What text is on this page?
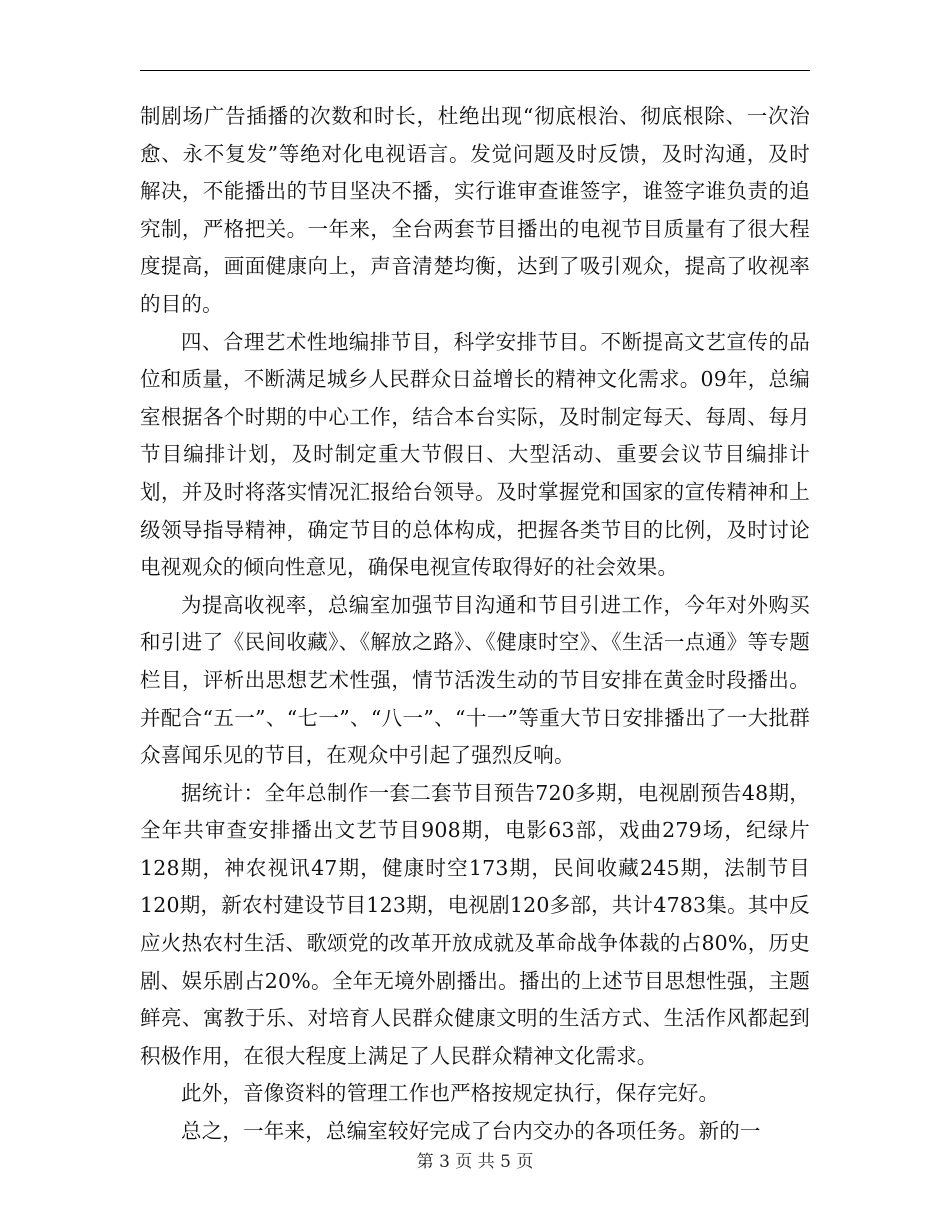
制剧场广告插播的次数和时长，杜绝出现“彻底根治、彻底根除、一次治愈、永不复发”等绝对化电视语言。发觉问题及时反馈，及时沟通，及时解决，不能播出的节目坚决不播，实行谁审查谁签字，谁签字谁负责的追究制，严格把关。一年来，全台两套节目播出的电视节目质量有了很大程度提高，画面健康向上，声音清楚均衡，达到了吸引观众，提高了收视率的目的。

四、合理艺术性地编排节目，科学安排节目。不断提高文艺宣传的品位和质量，不断满足城乡人民群众日益增长的精神文化需求。09年，总编室根据各个时期的中心工作，结合本台实际，及时制定每天、每周、每月节目编排计划，及时制定重大节假日、大型活动、重要会议节目编排计划，并及时将落实情况汇报给台领导。及时掌握党和国家的宣传精神和上级领导指导精神，确定节目的总体构成，把握各类节目的比例，及时讨论电视观众的倾向性意见，确保电视宣传取得好的社会效果。

为提高收视率，总编室加强节目沟通和节目引进工作，今年对外购买和引进了《民间收藏》、《解放之路》、《健康时空》、《生活一点通》等专题栏目，评析出思想艺术性强，情节活泼生动的节目安排在黄金时段播出。并配合“五一”、“七一”、“八一”、“十一”等重大节日安排播出了一大批群众喜闻乐见的节目，在观众中引起了强烈反响。

据统计：全年总制作一套二套节目预告720多期，电视剧预告48期，全年共审查安排播出文艺节目908期，电影63部，戏曲279场，纪绿片128期，神农视讯47期，健康时空173期，民间收藏245期，法制节目120期，新农村建设节目123期，电视剧120多部，共计4783集。其中反应火热农村生活、歌颂党的改革开放成就及革命战争体裁的占80%，历史剧、娱乐剧占20%。全年无境外剧播出。播出的上述节目思想性强，主题鲜亮、寓教于乐、对培育人民群众健康文明的生活方式、生活作风都起到积极作用，在很大程度上满足了人民群众精神文化需求。

此外，音像资料的管理工作也严格按规定执行，保存完好。

总之，一年来，总编室较好完成了台内交办的各项任务。新的一

第 3 页 共 5 页
